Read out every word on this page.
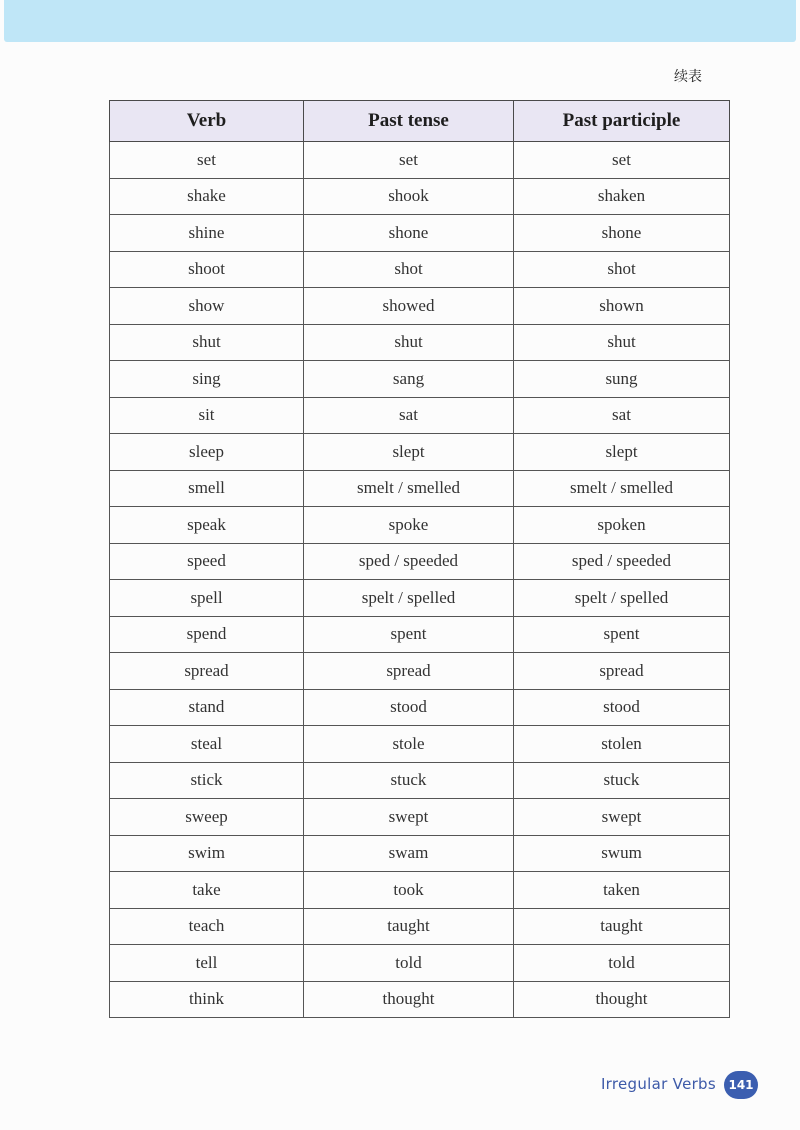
续表
Verb	Past tense	Past participle
set	set	set
shake	shook	shaken
shine	shone	shone
shoot	shot	shot
show	showed	shown
shut	shut	shut
sing	sang	sung
sit	sat	sat
sleep	slept	slept
smell	smelt / smelled	smelt / smelled
speak	spoke	spoken
speed	sped / speeded	sped / speeded
spell	spelt / spelled	spelt / spelled
spend	spent	spent
spread	spread	spread
stand	stood	stood
steal	stole	stolen
stick	stuck	stuck
sweep	swept	swept
swim	swam	swum
take	took	taken
teach	taught	taught
tell	told	told
think	thought	thought
Irregular Verbs	141
